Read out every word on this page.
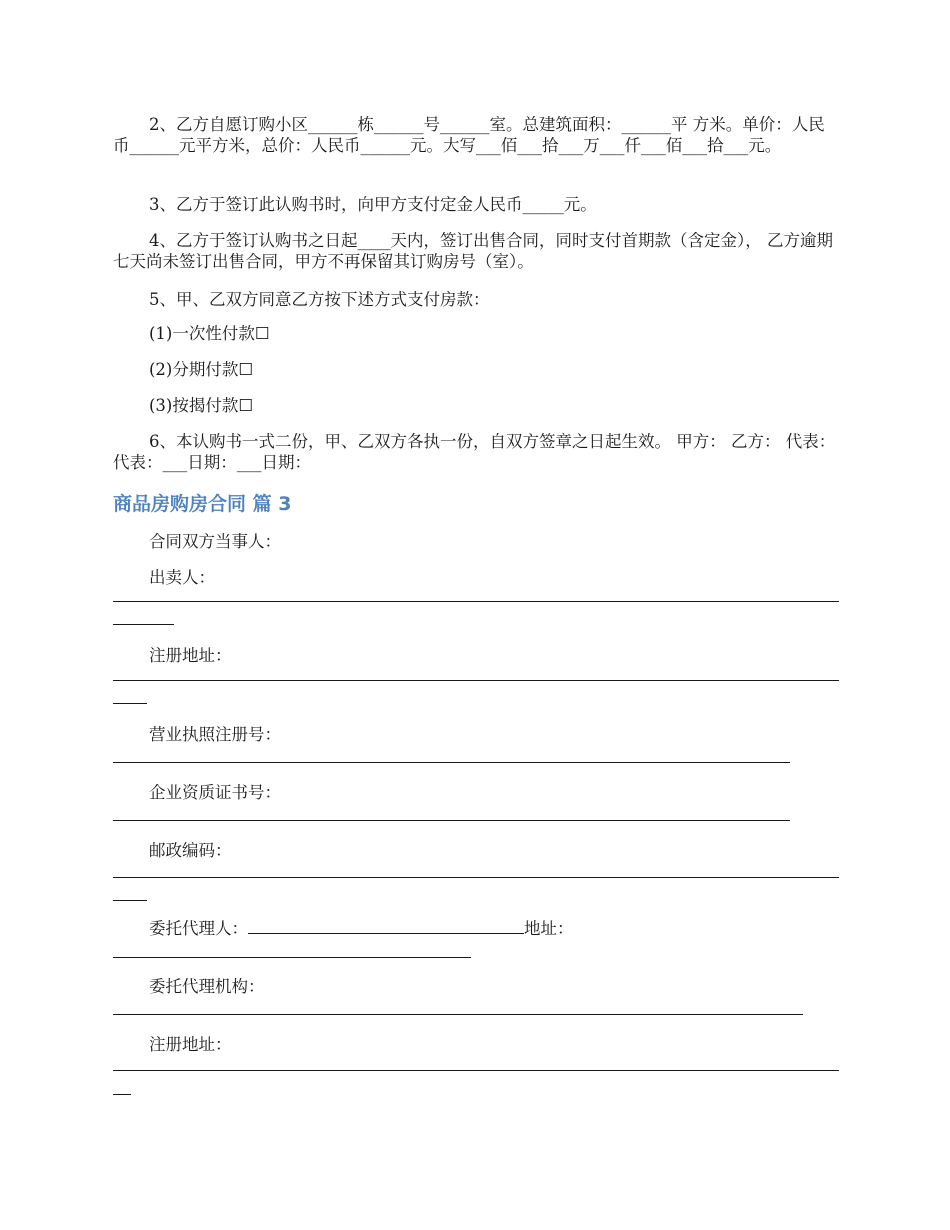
2、乙方自愿订购小区______栋______号______室。总建筑面积：______平 方米。单价：人民币______元平方米，总价：人民币______元。大写___佰___拾___万___仟___佰___拾___元。

3、乙方于签订此认购书时，向甲方支付定金人民币_____元。

4、乙方于签订认购书之日起____天内，签订出售合同，同时支付首期款（含定金）， 乙方逾期七天尚未签订出售合同，甲方不再保留其订购房号（室）。

5、甲、乙双方同意乙方按下述方式支付房款：

(1)一次性付款☐

(2)分期付款☐

(3)按揭付款☐

6、本认购书一式二份，甲、乙双方各执一份，自双方签章之日起生效。 甲方： 乙方： 代表： 代表：___日期：___日期：

商品房购房合同 篇 3

合同双方当事人：

出卖人：

注册地址：

营业执照注册号：

企业资质证书号：

邮政编码：

委托代理人：	地址：

委托代理机构：

注册地址：
